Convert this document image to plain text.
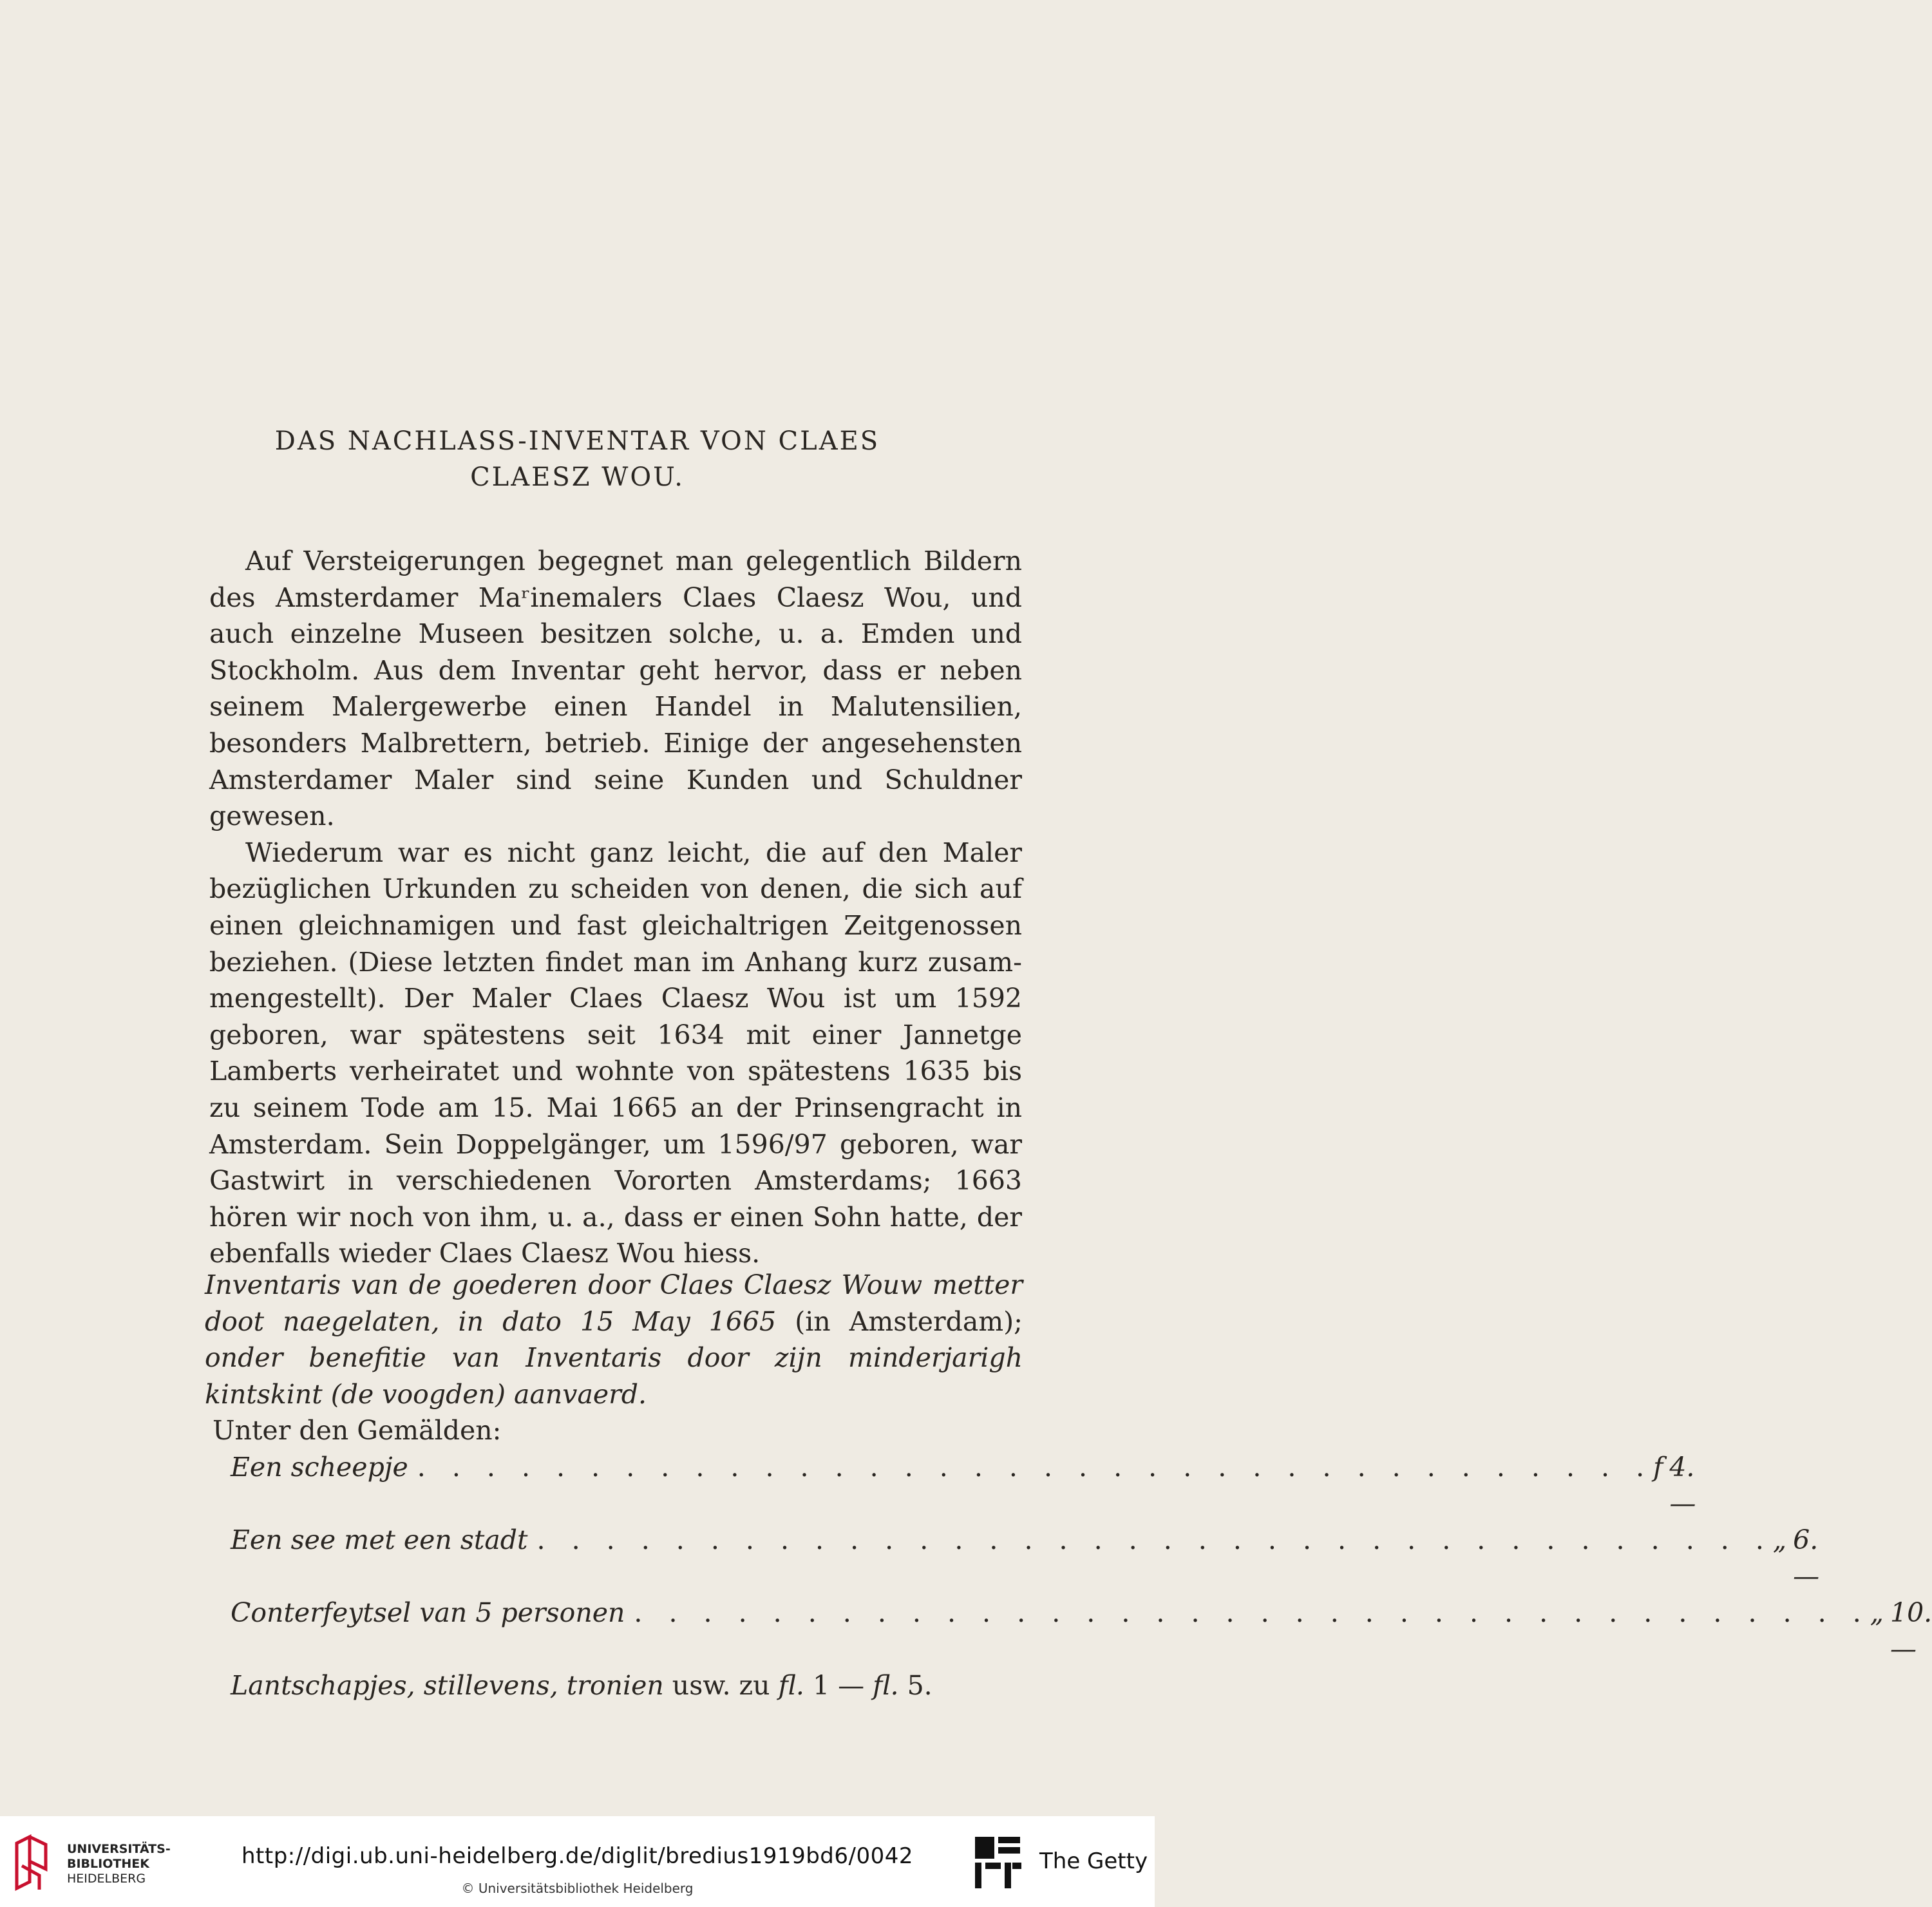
DAS NACHLASS-INVENTAR VON CLAES
CLAESZ WOU.

Auf Versteigerungen begegnet man gelegentlich Bildern des Amsterdamer Maʳinemalers Claes Claesz Wou, und auch einzelne Museen besitzen solche, u. a. Emden und Stockholm. Aus dem Inventar geht hervor, dass er neben seinem Malergewerbe einen Handel in Malutensilien, besonders Malbrettern, betrieb. Einige der angesehensten Amsterdamer Maler sind seine Kunden und Schuldner gewesen.

Wiederum war es nicht ganz leicht, die auf den Maler bezüglichen Urkunden zu scheiden von denen, die sich auf einen gleichnamigen und fast gleichaltrigen Zeitgenossen beziehen. (Diese letzten findet man im Anhang kurz zusammengestellt). Der Maler Claes Claesz Wou ist um 1592 geboren, war spätestens seit 1634 mit einer Jannetge Lamberts verheiratet und wohnte von spätestens 1635 bis zu seinem Tode am 15. Mai 1665 an der Prinsengracht in Amsterdam. Sein Doppelgänger, um 1596/97 geboren, war Gastwirt in verschiedenen Vororten Amsterdams; 1663 hören wir noch von ihm, u. a., dass er einen Sohn hatte, der ebenfalls wieder Claes Claesz Wou hiess.

Inventaris van de goederen door Claes Claesz Wouw metter doot naegelaten, in dato 15 May 1665 (in Amsterdam); onder benefitie van Inventaris door zijn minderjarigh kintskint (de voogden) aanvaerd.
Unter den Gemälden:
Een scheepje . . . . . . . . . . . . . . . . . . . . . . . . . . . . . . . . . . . . f 4.—
Een see met een stadt . . . . . . . . . . . . . . . . . . . . . . . . . . . . . . . . . . . . „ 6.—
Conterfeytsel van 5 personen . . . . . . . . . . . . . . . . . . . . . . . . . . . . . . . . . . . . „ 10.—
Lantschapjes, stillevens, tronien usw. zu fl. 1 — fl. 5.
UNIVERSITÄTS-
BIBLIOTHEK
HEIDELBERG
http://digi.ub.uni-heidelberg.de/diglit/bredius1919bd6/0042
© Universitätsbibliothek Heidelberg
The Getty
